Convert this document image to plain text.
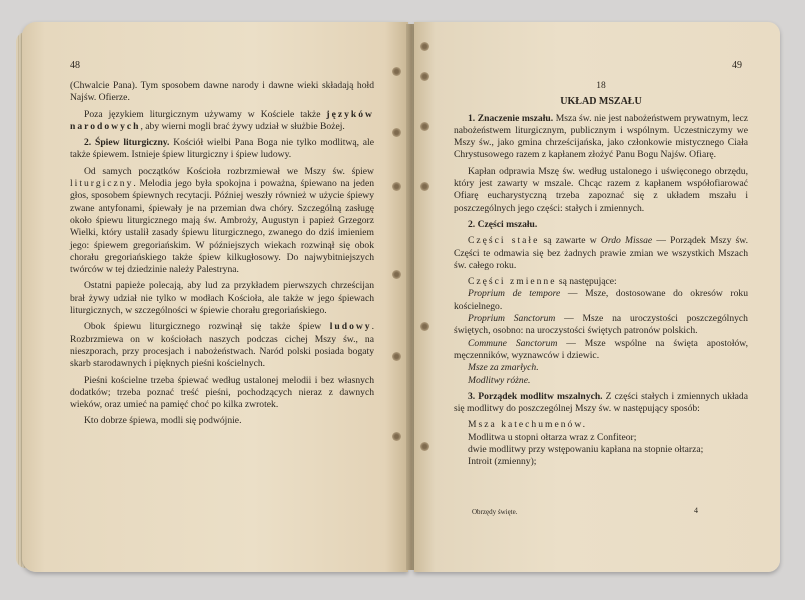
48

(Chwalcie Pana). Tym sposobem dawne narody i dawne wieki składają hołd Najśw. Ofierze.

Poza językiem liturgicznym używamy w Kościele także języków narodowych, aby wierni mogli brać żywy udział w służbie Bożej.

2. Śpiew liturgiczny. Kościół wielbi Pana Boga nie tylko modlitwą, ale także śpiewem. Istnieje śpiew liturgiczny i śpiew ludowy.

Od samych początków Kościoła rozbrzmiewał we Mszy św. śpiew liturgiczny. Melodia jego była spokojna i poważna, śpiewano na jeden głos, sposobem śpiewnych recytacji. Później weszły również w użycie śpiewy zwane antyfonami, śpiewały je na przemian dwa chóry. Szczególną zasługę około śpiewu liturgicznego mają św. Ambroży, Augustyn i papież Grzegorz Wielki, który ustalił zasady śpiewu liturgicznego, zwanego do dziś imieniem jego: śpiewem gregoriańskim. W późniejszych wiekach rozwinął się obok chorału gregoriańskiego także śpiew kilkugłosowy. Do najwybitniejszych twórców w tej dziedzinie należy Palestryna.

Ostatni papieże polecają, aby lud za przykładem pierwszych chrześcijan brał żywy udział nie tylko w modłach Kościoła, ale także w jego śpiewach liturgicznych, w szczególności w śpiewie chorału gregoriańskiego.

Obok śpiewu liturgicznego rozwinął się także śpiew ludowy. Rozbrzmiewa on w kościołach naszych podczas cichej Mszy św., na nieszporach, przy procesjach i nabożeństwach. Naród polski posiada bogaty skarb starodawnych i pięknych pieśni kościelnych.

Pieśni kościelne trzeba śpiewać według ustalonej melodii i bez własnych dodatków; trzeba poznać treść pieśni, pochodzących nieraz z dawnych wieków, oraz umieć na pamięć choć po kilka zwrotek.

Kto dobrze śpiewa, modli się podwójnie.

49

18

UKŁAD MSZAŁU

1. Znaczenie mszału. Msza św. nie jest nabożeństwem prywatnym, lecz nabożeństwem liturgicznym, publicznym i wspólnym. Uczestniczymy we Mszy św., jako gmina chrześcijańska, jako członkowie mistycznego Ciała Chrystusowego razem z kapłanem złożyć Panu Bogu Najśw. Ofiarę.

Kapłan odprawia Mszę św. według ustalonego i uświęconego obrzędu, który jest zawarty w mszale. Chcąc razem z kapłanem współofiarować Ofiarę eucharystyczną trzeba zapoznać się z układem mszału i poszczególnych jego części: stałych i zmiennych.

2. Części mszału.

Części stałe są zawarte w Ordo Missae — Porządek Mszy św. Części te odmawia się bez żadnych prawie zmian we wszystkich Mszach św. całego roku.

Części zmienne są następujące:

Proprium de tempore — Msze, dostosowane do okresów roku kościelnego.

Proprium Sanctorum — Msze na uroczystości poszczególnych świętych, osobno: na uroczystości świętych patronów polskich.

Commune Sanctorum — Msze wspólne na święta apostołów, męczenników, wyznawców i dziewic.

Msze za zmarłych.

Modlitwy różne.

3. Porządek modlitw mszalnych. Z części stałych i zmiennych układa się modlitwy do poszczególnej Mszy św. w następujący sposób:

Msza katechumenów.

Modlitwa u stopni ołtarza wraz z Confiteor;

dwie modlitwy przy wstępowaniu kapłana na stopnie ołtarza;

Introit (zmienny);

Obrzędy święte.	4
